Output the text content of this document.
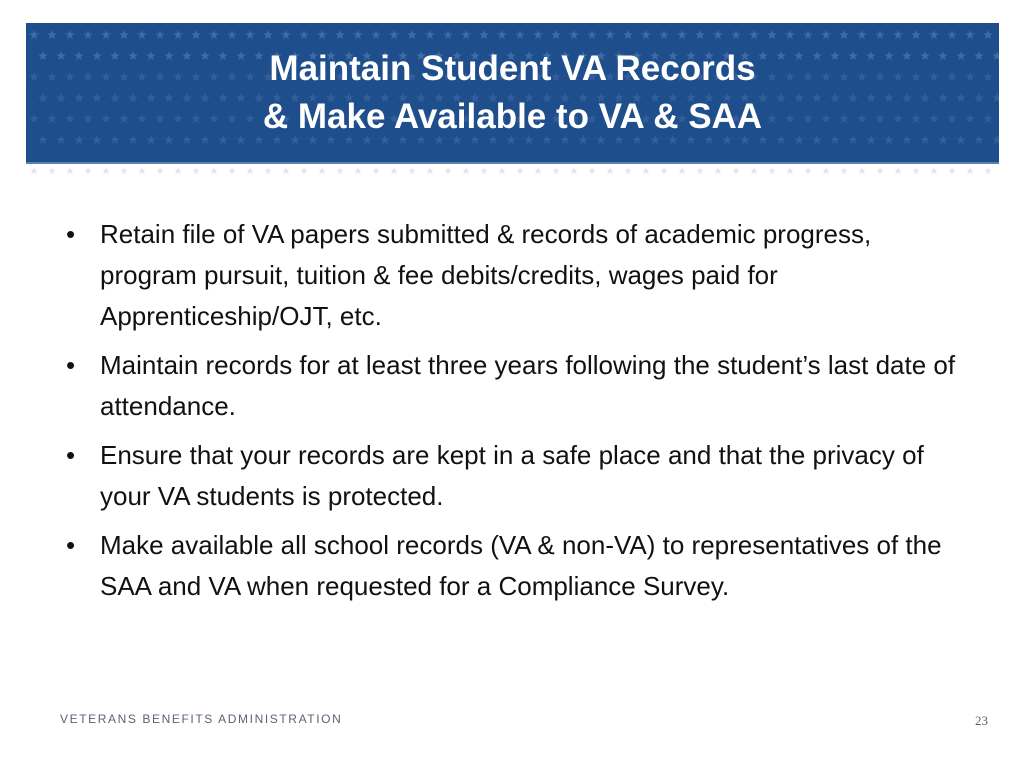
Maintain Student VA Records
& Make Available to VA & SAA
• Retain file of VA papers submitted & records of academic progress, program pursuit, tuition & fee debits/credits, wages paid for Apprenticeship/OJT, etc.
• Maintain records for at least three years following the student’s last date of attendance.
• Ensure that your records are kept in a safe place and that the privacy of your VA students is protected.
• Make available all school records (VA & non-VA) to representatives of the SAA and VA when requested for a Compliance Survey.
VETERANS BENEFITS ADMINISTRATION	23
